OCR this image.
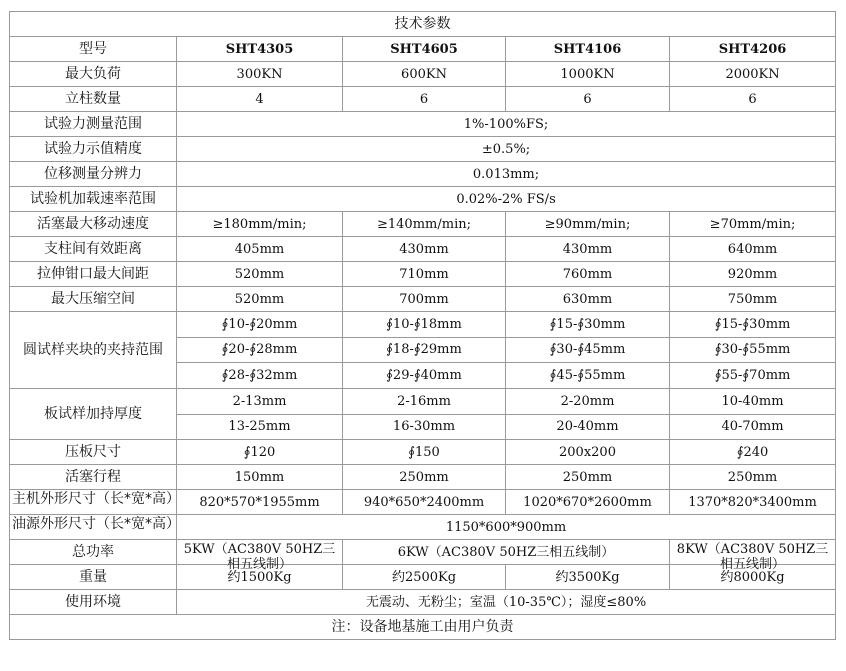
技术参数				
型号	SHT4305	SHT4605	SHT4106	SHT4206
最大负荷	300KN	600KN	1000KN	2000KN
立柱数量	4	6	6	6
试验力测量范围	1%-100%FS;			
试验力示值精度	±0.5%;			
位移测量分辨力	0.013mm;			
试验机加载速率范围	0.02%-2% FS/s			
活塞最大移动速度	≥180mm/min;	≥140mm/min;	≥90mm/min;	≥70mm/min;
支柱间有效距离	405mm	430mm	430mm	640mm
拉伸钳口最大间距	520mm	710mm	760mm	920mm
最大压缩空间	520mm	700mm	630mm	750mm
圆试样夹块的夹持范围	∮10-∮20mm	∮10-∮18mm	∮15-∮30mm	∮15-∮30mm
	∮20-∮28mm	∮18-∮29mm	∮30-∮45mm	∮30-∮55mm
	∮28-∮32mm	∮29-∮40mm	∮45-∮55mm	∮55-∮70mm
板试样加持厚度	2-13mm	2-16mm	2-20mm	10-40mm
	13-25mm	16-30mm	20-40mm	40-70mm
压板尺寸	∮120	∮150	200x200	∮240
活塞行程	150mm	250mm	250mm	250mm

主机外形尺寸（长*宽*高）	820*570*1955mm	940*650*2400mm	1020*670*2600mm	1370*820*3400mm

油源外形尺寸（长*宽*高）	1150*600*900mm			
总功率	5KW（AC380V 50HZ三相五线制）	6KW（AC380V 50HZ三相五线制）		8KW（AC380V 50HZ三相五线制）

重量	约1500Kg	约2500Kg	约3500Kg	约8000Kg
使用环境	无震动、无粉尘；室温（10-35℃）；湿度≤80%			
注：设备地基施工由用户负责				
